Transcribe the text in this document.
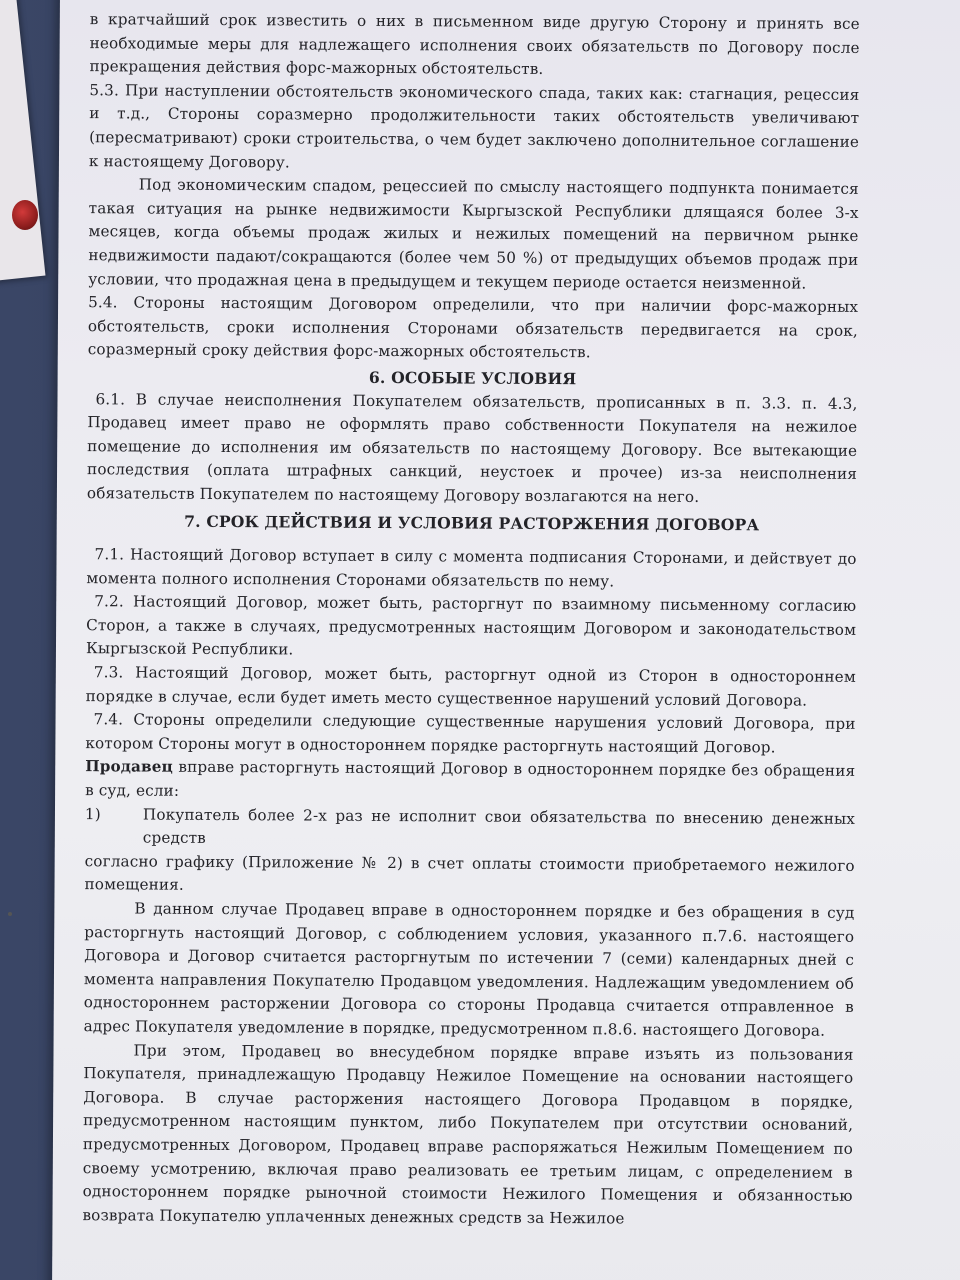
в кратчайший срок известить о них в письменном виде другую Сторону и принять все необходимые меры для надлежащего исполнения своих обязательств по Договору после прекращения действия форс-мажорных обстоятельств.

5.3. При наступлении обстоятельств экономического спада, таких как: стагнация, рецессия и т.д., Стороны соразмерно продолжительности таких обстоятельств увеличивают (пересматривают) сроки строительства, о чем будет заключено дополнительное соглашение к настоящему Договору.

Под экономическим спадом, рецессией по смыслу настоящего подпункта понимается такая ситуация на рынке недвижимости Кыргызской Республики длящаяся более 3-х месяцев, когда объемы продаж жилых и нежилых помещений на первичном рынке недвижимости падают/сокращаются (более чем 50 %) от предыдущих объемов продаж при условии, что продажная цена в предыдущем и текущем периоде остается неизменной.

5.4. Стороны настоящим Договором определили, что при наличии форс-мажорных обстоятельств, сроки исполнения Сторонами обязательств передвигается на срок, соразмерный сроку действия форс-мажорных обстоятельств.

6. ОСОБЫЕ УСЛОВИЯ

6.1. В случае неисполнения Покупателем обязательств, прописанных в п. 3.3. п. 4.3, Продавец имеет право не оформлять право собственности Покупателя на нежилое помещение до исполнения им обязательств по настоящему Договору. Все вытекающие последствия (оплата штрафных санкций, неустоек и прочее) из-за неисполнения обязательств Покупателем по настоящему Договору возлагаются на него.

7. СРОК ДЕЙСТВИЯ И УСЛОВИЯ РАСТОРЖЕНИЯ ДОГОВОРА

7.1. Настоящий Договор вступает в силу с момента подписания Сторонами, и действует до момента полного исполнения Сторонами обязательств по нему.

7.2. Настоящий Договор, может быть, расторгнут по взаимному письменному согласию Сторон, а также в случаях, предусмотренных настоящим Договором и законодательством Кыргызской Республики.

7.3. Настоящий Договор, может быть, расторгнут одной из Сторон в одностороннем порядке в случае, если будет иметь место существенное нарушений условий Договора.

7.4. Стороны определили следующие существенные нарушения условий Договора, при котором Стороны могут в одностороннем порядке расторгнуть настоящий Договор.

Продавец вправе расторгнуть настоящий Договор в одностороннем порядке без обращения в суд, если:

1)	Покупатель более 2-х раз не исполнит свои обязательства по внесению денежных средств

согласно графику (Приложение № 2) в счет оплаты стоимости приобретаемого нежилого помещения.

В данном случае Продавец вправе в одностороннем порядке и без обращения в суд расторгнуть настоящий Договор, с соблюдением условия, указанного п.7.6. настоящего Договора и Договор считается расторгнутым по истечении 7 (семи) календарных дней с момента направления Покупателю Продавцом уведомления. Надлежащим уведомлением об одностороннем расторжении Договора со стороны Продавца считается отправленное в адрес Покупателя уведомление в порядке, предусмотренном п.8.6. настоящего Договора.

При этом, Продавец во внесудебном порядке вправе изъять из пользования Покупателя, принадлежащую Продавцу Нежилое Помещение на основании настоящего Договора. В случае расторжения настоящего Договора Продавцом в порядке, предусмотренном настоящим пунктом, либо Покупателем при отсутствии оснований, предусмотренных Договором, Продавец вправе распоряжаться Нежилым Помещением по своему усмотрению, включая право реализовать ее третьим лицам, с определением в одностороннем порядке рыночной стоимости Нежилого Помещения и обязанностью возврата Покупателю уплаченных денежных средств за Нежилое
